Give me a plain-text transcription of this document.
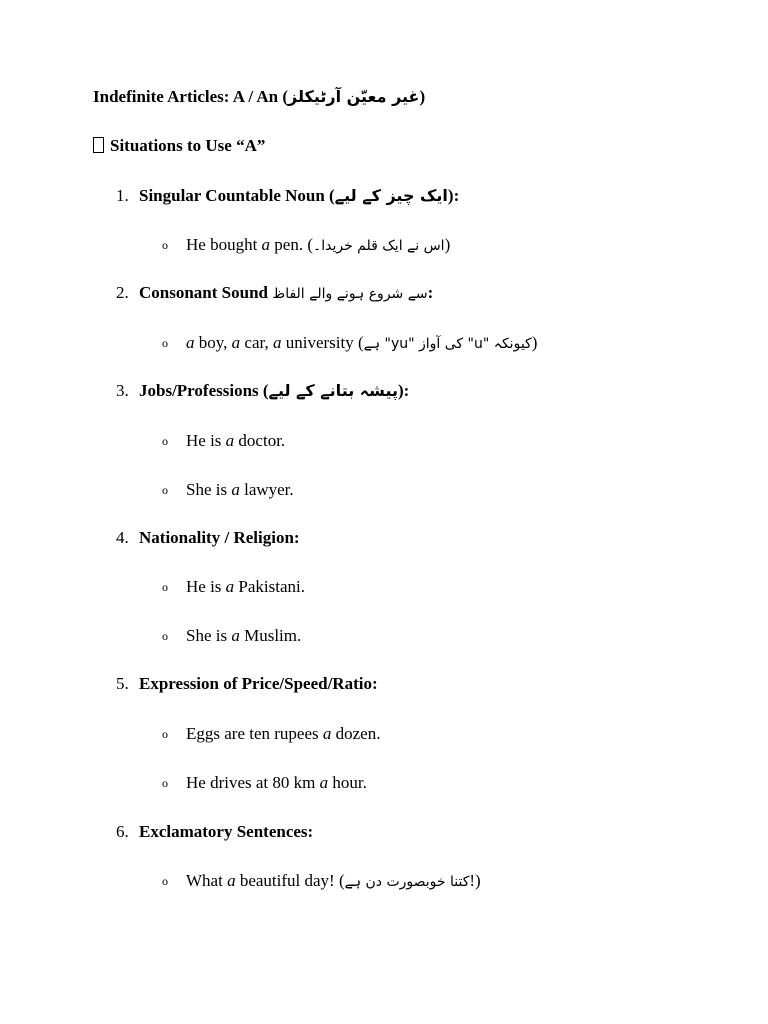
Indefinite Articles: A / An (غیر معیّن آرٹیکلز)
Situations to Use “A”
1. Singular Countable Noun (ایک چیز کے لیے):
o He bought a pen. (اس نے ایک قلم خریدا۔)
2. Consonant Sound سے شروع ہونے والے الفاظ:
o a boy, a car, a university (کیونکہ "u" کی آواز "yu" ہے)
3. Jobs/Professions (پیشہ بتانے کے لیے):
o He is a doctor.
o She is a lawyer.
4. Nationality / Religion:
o He is a Pakistani.
o She is a Muslim.
5. Expression of Price/Speed/Ratio:
o Eggs are ten rupees a dozen.
o He drives at 80 km a hour.
6. Exclamatory Sentences:
o What a beautiful day! (کتنا خوبصورت دن ہے!)
